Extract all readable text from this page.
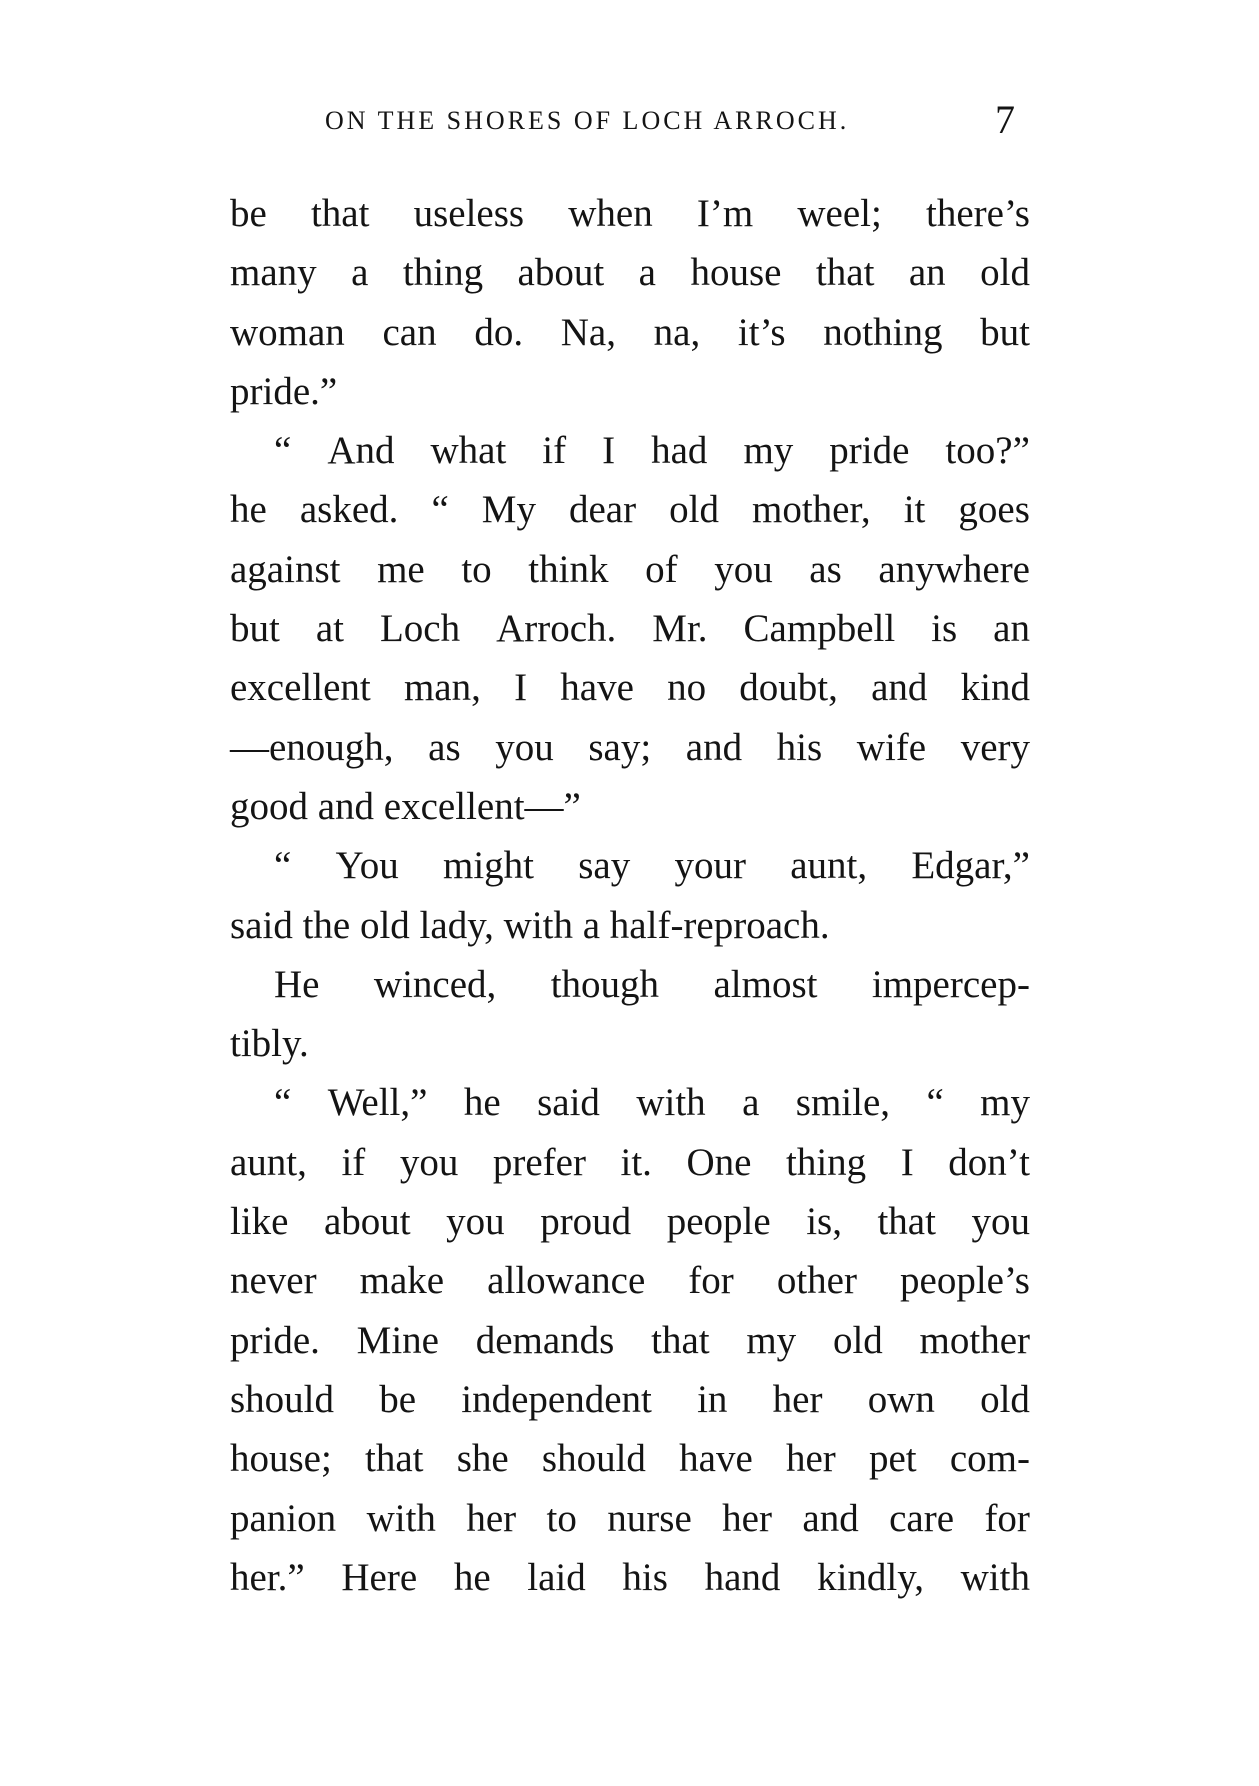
ON THE SHORES OF LOCH ARROCH.	7
be that useless when I’m weel; there’s
many a thing about a house that an old
woman can do. Na, na, it’s nothing but
pride.”
“ And what if I had my pride too?”
he asked. “ My dear old mother, it goes
against me to think of you as anywhere
but at Loch Arroch. Mr. Campbell is an
excellent man, I have no doubt, and kind
—enough, as you say; and his wife very
good and excellent—”
“ You might say your aunt, Edgar,”
said the old lady, with a half-reproach.
He winced, though almost impercep-
tibly.
“ Well,” he said with a smile, “ my
aunt, if you prefer it. One thing I don’t
like about you proud people is, that you
never make allowance for other people’s
pride. Mine demands that my old mother
should be independent in her own old
house; that she should have her pet com-
panion with her to nurse her and care for
her.” Here he laid his hand kindly, with
